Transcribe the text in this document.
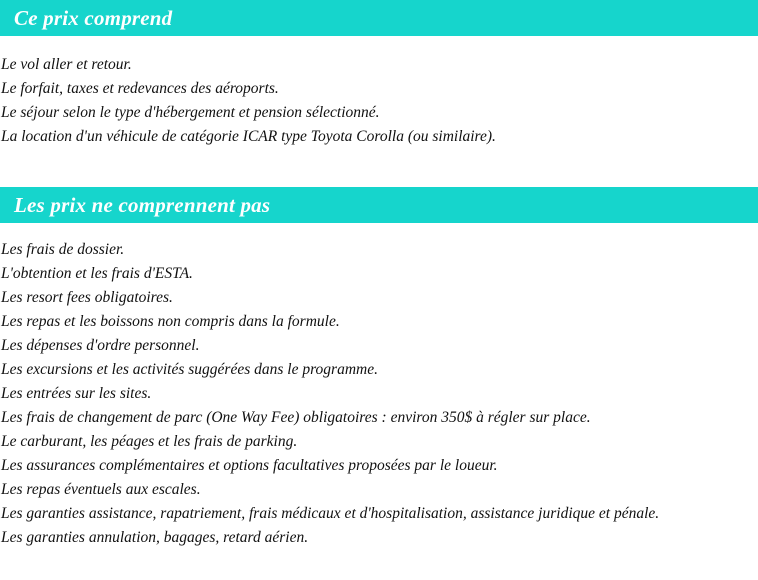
Ce prix comprend
Le vol aller et retour.
Le forfait, taxes et redevances des aéroports.
Le séjour selon le type d'hébergement et pension sélectionné.
La location d'un véhicule de catégorie ICAR type Toyota Corolla (ou similaire).
Les prix ne comprennent pas
Les frais de dossier.
L'obtention et les frais d'ESTA.
Les resort fees obligatoires.
Les repas et les boissons non compris dans la formule.
Les dépenses d'ordre personnel.
Les excursions et les activités suggérées dans le programme.
Les entrées sur les sites.
Les frais de changement de parc (One Way Fee) obligatoires : environ 350$ à régler sur place.
Le carburant, les péages et les frais de parking.
Les assurances complémentaires et options facultatives proposées par le loueur.
Les repas éventuels aux escales.
Les garanties assistance, rapatriement, frais médicaux et d'hospitalisation, assistance juridique et pénale.
Les garanties annulation, bagages, retard aérien.
